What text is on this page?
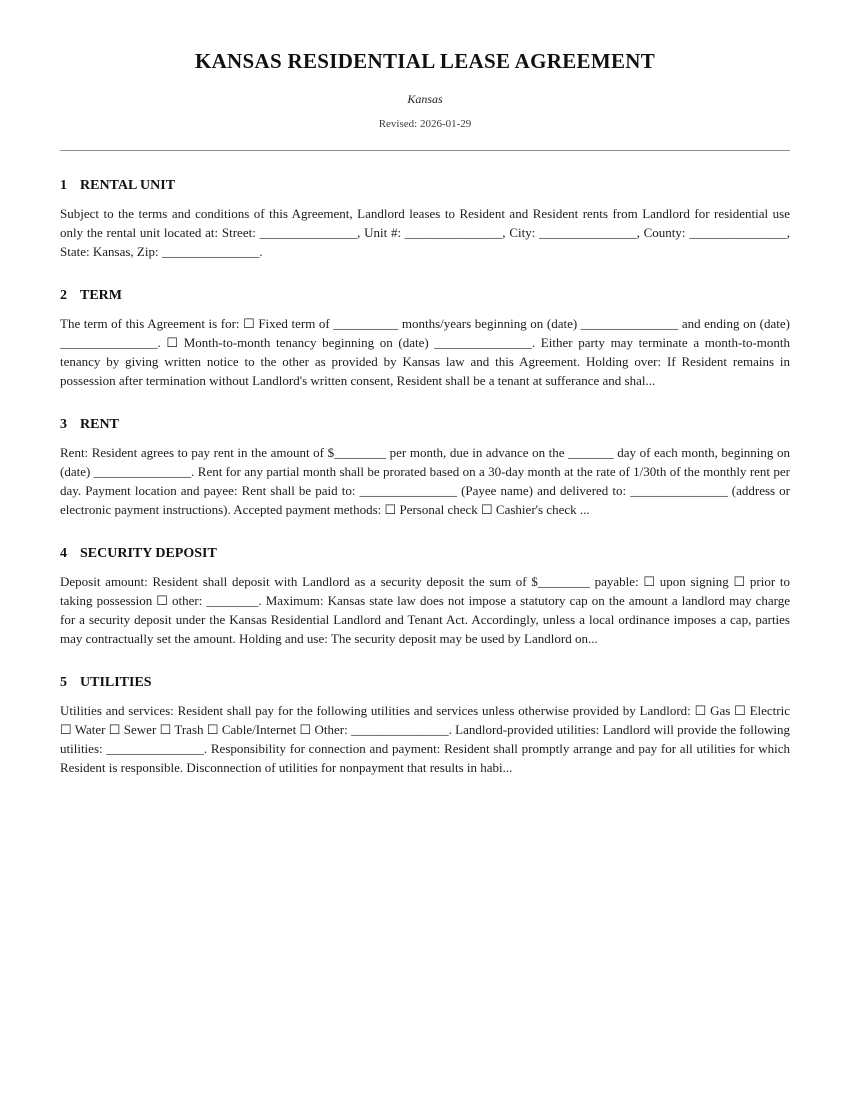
KANSAS RESIDENTIAL LEASE AGREEMENT

Kansas

Revised: 2026-01-29

1 RENTAL UNIT

Subject to the terms and conditions of this Agreement, Landlord leases to Resident and Resident rents from Landlord for residential use only the rental unit located at: Street: _______________, Unit #: _______________, City: _______________, County: _______________, State: Kansas, Zip: _______________.

2 TERM

The term of this Agreement is for: ☐ Fixed term of __________ months/years beginning on (date) _______________ and ending on (date) _______________. ☐ Month-to-month tenancy beginning on (date) _______________. Either party may terminate a month-to-month tenancy by giving written notice to the other as provided by Kansas law and this Agreement. Holding over: If Resident remains in possession after termination without Landlord's written consent, Resident shall be a tenant at sufferance and shal...

3 RENT

Rent: Resident agrees to pay rent in the amount of $________ per month, due in advance on the _______ day of each month, beginning on (date) _______________. Rent for any partial month shall be prorated based on a 30-day month at the rate of 1/30th of the monthly rent per day. Payment location and payee: Rent shall be paid to: _______________ (Payee name) and delivered to: _______________ (address or electronic payment instructions). Accepted payment methods: ☐ Personal check ☐ Cashier's check ...

4 SECURITY DEPOSIT

Deposit amount: Resident shall deposit with Landlord as a security deposit the sum of $________ payable: ☐ upon signing ☐ prior to taking possession ☐ other: ________. Maximum: Kansas state law does not impose a statutory cap on the amount a landlord may charge for a security deposit under the Kansas Residential Landlord and Tenant Act. Accordingly, unless a local ordinance imposes a cap, parties may contractually set the amount. Holding and use: The security deposit may be used by Landlord on...

5 UTILITIES

Utilities and services: Resident shall pay for the following utilities and services unless otherwise provided by Landlord: ☐ Gas ☐ Electric ☐ Water ☐ Sewer ☐ Trash ☐ Cable/Internet ☐ Other: _______________. Landlord-provided utilities: Landlord will provide the following utilities: _______________. Responsibility for connection and payment: Resident shall promptly arrange and pay for all utilities for which Resident is responsible. Disconnection of utilities for nonpayment that results in habi...
